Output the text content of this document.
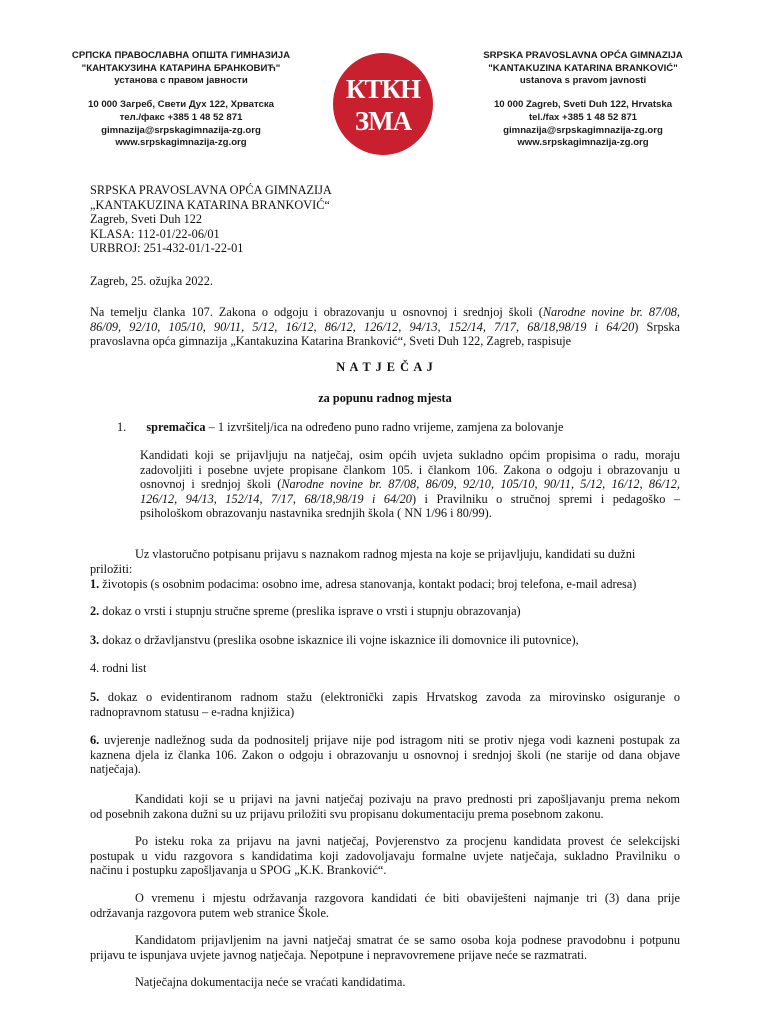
СРПСКА ПРАВОСЛАВНА ОПШТА ГИМНАЗИЈА
"КАНТАКУЗИНА КАТАРИНА БРАНКОВИЋ"
установа с правом јавности
10 000 Загреб, Свети Дух 122, Хрватска
тел./факс +385 1 48 52 871
gimnazija@srpskagimnazija-zg.org
www.srpskagimnazija-zg.org
КТКН
ЗМА
SRPSKA PRAVOSLAVNA OPĆA GIMNAZIJA
"KANTAKUZINA KATARINA BRANKOVIĆ"
ustanova s pravom javnosti
10 000 Zagreb, Sveti Duh 122, Hrvatska
tel./fax +385 1 48 52 871
gimnazija@srpskagimnazija-zg.org
www.srpskagimnazija-zg.org
SRPSKA PRAVOSLAVNA OPĆA GIMNAZIJA
„KANTAKUZINA KATARINA BRANKOVIĆ“
Zagreb, Sveti Duh 122
KLASA: 112-01/22-06/01
URBROJ: 251-432-01/1-22-01
Zagreb, 25. ožujka 2022.
Na temelju članka 107. Zakona o odgoju i obrazovanju u osnovnoj i srednjoj školi (Narodne novine br. 87/08,
86/09, 92/10, 105/10, 90/11, 5/12, 16/12, 86/12, 126/12, 94/13, 152/14, 7/17, 68/18,98/19 i 64/20) Srpska
pravoslavna opća gimnazija „Kantakuzina Katarina Branković“, Sveti Duh 122, Zagreb, raspisuje
N A T J E Č A J
za popunu radnog mjesta
1. spremačica – 1 izvršitelj/ica na određeno puno radno vrijeme, zamjena za bolovanje
Kandidati koji se prijavljuju na natječaj, osim općih uvjeta sukladno općim propisima o radu, moraju
zadovoljiti i posebne uvjete propisane člankom 105. i člankom 106. Zakona o odgoju i obrazovanju u
osnovnoj i srednjoj školi (Narodne novine br. 87/08, 86/09, 92/10, 105/10, 90/11, 5/12, 16/12, 86/12,
126/12, 94/13, 152/14, 7/17, 68/18,98/19 i 64/20) i Pravilniku o stručnoj spremi i pedagoško –
psihološkom obrazovanju nastavnika srednjih škola ( NN 1/96 i 80/99).
Uz vlastoručno potpisanu prijavu s naznakom radnog mjesta na koje se prijavljuju, kandidati su dužni priložiti:
1. životopis (s osobnim podacima: osobno ime, adresa stanovanja, kontakt podaci; broj telefona, e-mail adresa)
2. dokaz o vrsti i stupnju stručne spreme (preslika isprave o vrsti i stupnju obrazovanja)
3. dokaz o državljanstvu (preslika osobne iskaznice ili vojne iskaznice ili domovnice ili putovnice),
4. rodni list
5. dokaz o evidentiranom radnom stažu (elektronički zapis Hrvatskog zavoda za mirovinsko osiguranje o
radnopravnom statusu – e-radna knjižica)
6. uvjerenje nadležnog suda da podnositelj prijave nije pod istragom niti se protiv njega vodi kazneni postupak za
kaznena djela iz članka 106. Zakon o odgoju i obrazovanju u osnovnoj i srednjoj školi (ne starije od dana objave
natječaja).
Kandidati koji se u prijavi na javni natječaj pozivaju na pravo prednosti pri zapošljavanju prema nekom
od posebnih zakona dužni su uz prijavu priložiti svu propisanu dokumentaciju prema posebnom zakonu.
Po isteku roka za prijavu na javni natječaj, Povjerenstvo za procjenu kandidata provest će selekcijski
postupak u vidu razgovora s kandidatima koji zadovoljavaju formalne uvjete natječaja, sukladno Pravilniku o
načinu i postupku zapošljavanja u SPOG „K.K. Branković“.
O vremenu i mjestu održavanja razgovora kandidati će biti obaviješteni najmanje tri (3) dana prije
održavanja razgovora putem web stranice Škole.
Kandidatom prijavljenim na javni natječaj smatrat će se samo osoba koja podnese pravodobnu i potpunu
prijavu te ispunjava uvjete javnog natječaja. Nepotpune i nepravovremene prijave neće se razmatrati.
Natječajna dokumentacija neće se vraćati kandidatima.
